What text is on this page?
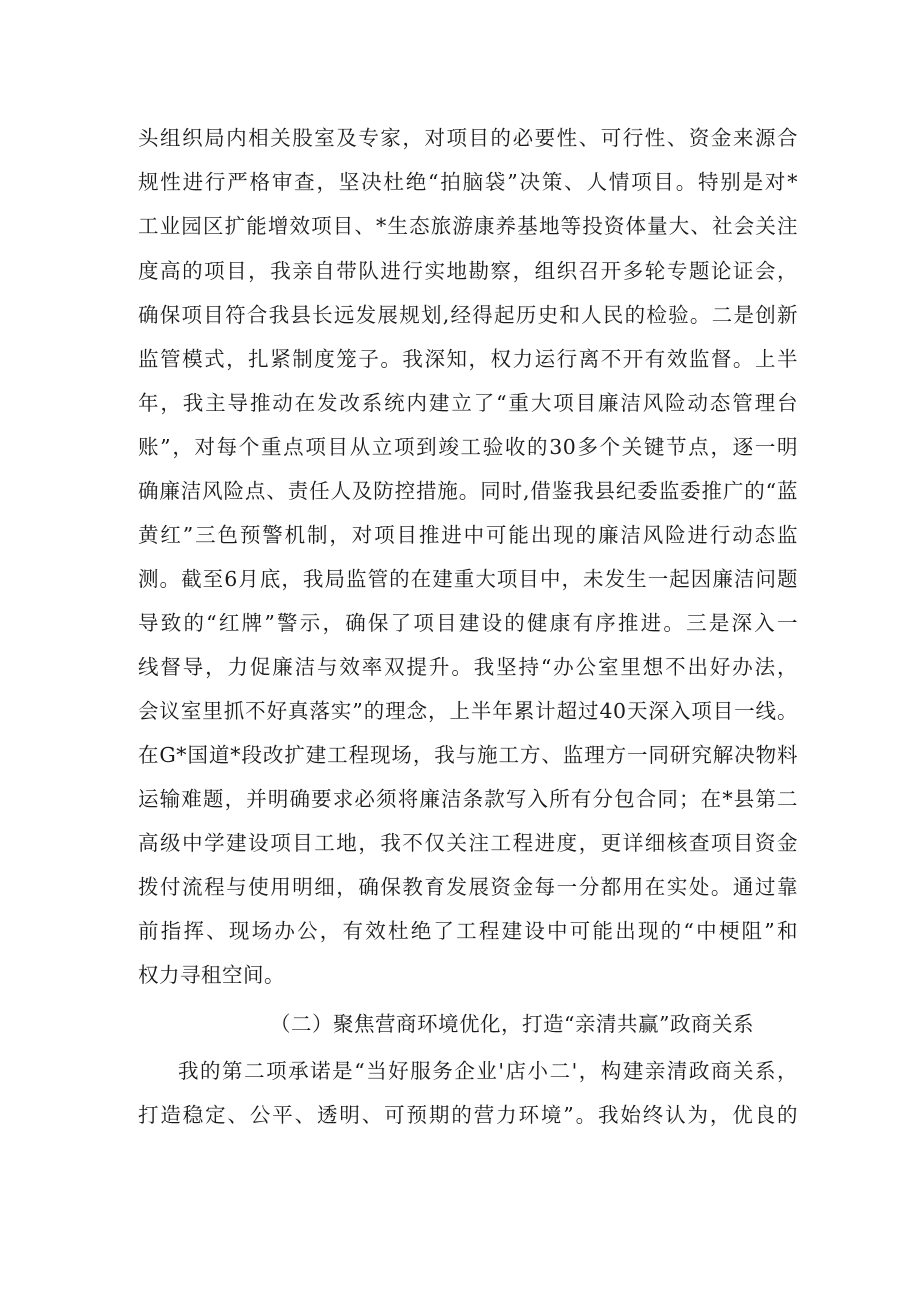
头组织局内相关股室及专家，对项目的必要性、可行性、资金来源合

规性进行严格审查，坚决杜绝“拍脑袋”决策、人情项目。特别是对*

工业园区扩能增效项目、*生态旅游康养基地等投资体量大、社会关注

度高的项目，我亲自带队进行实地勘察，组织召开多轮专题论证会，

确保项目符合我县长远发展规划,经得起历史和人民的检验。二是创新

监管模式，扎紧制度笼子。我深知，权力运行离不开有效监督。上半

年，我主导推动在发改系统内建立了“重大项目廉洁风险动态管理台

账”，对每个重点项目从立项到竣工验收的30多个关键节点，逐一明

确廉洁风险点、责任人及防控措施。同时,借鉴我县纪委监委推广的“蓝

黄红”三色预警机制，对项目推进中可能出现的廉洁风险进行动态监

测。截至6月底，我局监管的在建重大项目中，未发生一起因廉洁问题

导致的“红牌”警示，确保了项目建设的健康有序推进。三是深入一

线督导，力促廉洁与效率双提升。我坚持“办公室里想不出好办法，

会议室里抓不好真落实”的理念，上半年累计超过40天深入项目一线。

在G*国道*段改扩建工程现场，我与施工方、监理方一同研究解决物料

运输难题，并明确要求必须将廉洁条款写入所有分包合同；在*县第二

高级中学建设项目工地，我不仅关注工程进度，更详细核查项目资金

拨付流程与使用明细，确保教育发展资金每一分都用在实处。通过靠

前指挥、现场办公，有效杜绝了工程建设中可能出现的“中梗阻”和

权力寻租空间。

（二）聚焦营商环境优化，打造“亲清共赢”政商关系

我的第二项承诺是“当好服务企业'店小二'，构建亲清政商关系，

打造稳定、公平、透明、可预期的营力环境”。我始终认为，优良的
